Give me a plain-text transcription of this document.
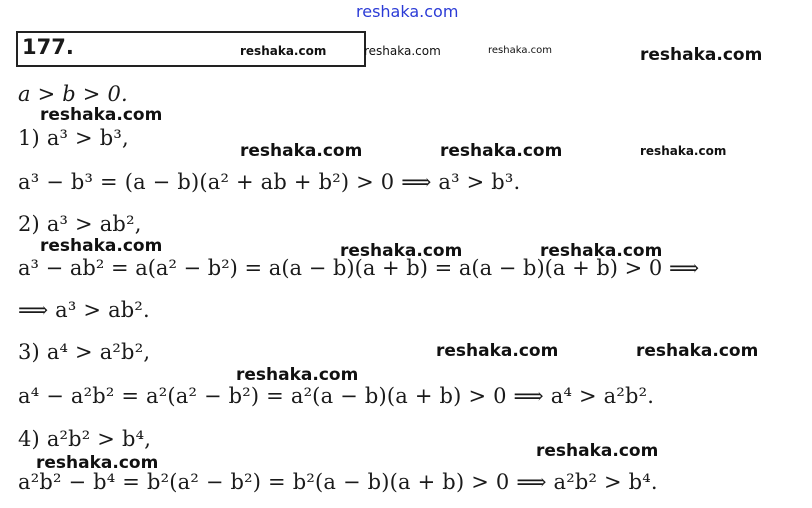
reshaka.com
177.	reshaka.com	reshaka.com	reshaka.com	reshaka.com
a > b > 0.
reshaka.com
1) a³ > b³,
reshaka.com	reshaka.com	reshaka.com
a³ − b³ = (a − b)(a² + ab + b²) > 0 ⟹ a³ > b³.
2) a³ > ab²,
reshaka.com	reshaka.com	reshaka.com
a³ − ab² = a(a² − b²) = a(a − b)(a + b) = a(a − b)(a + b) > 0 ⟹
⟹ a³ > ab².
3) a⁴ > a²b²,	reshaka.com	reshaka.com
reshaka.com
a⁴ − a²b² = a²(a² − b²) = a²(a − b)(a + b) > 0 ⟹ a⁴ > a²b².
4) a²b² > b⁴,	reshaka.com
reshaka.com
a²b² − b⁴ = b²(a² − b²) = b²(a − b)(a + b) > 0 ⟹ a²b² > b⁴.
